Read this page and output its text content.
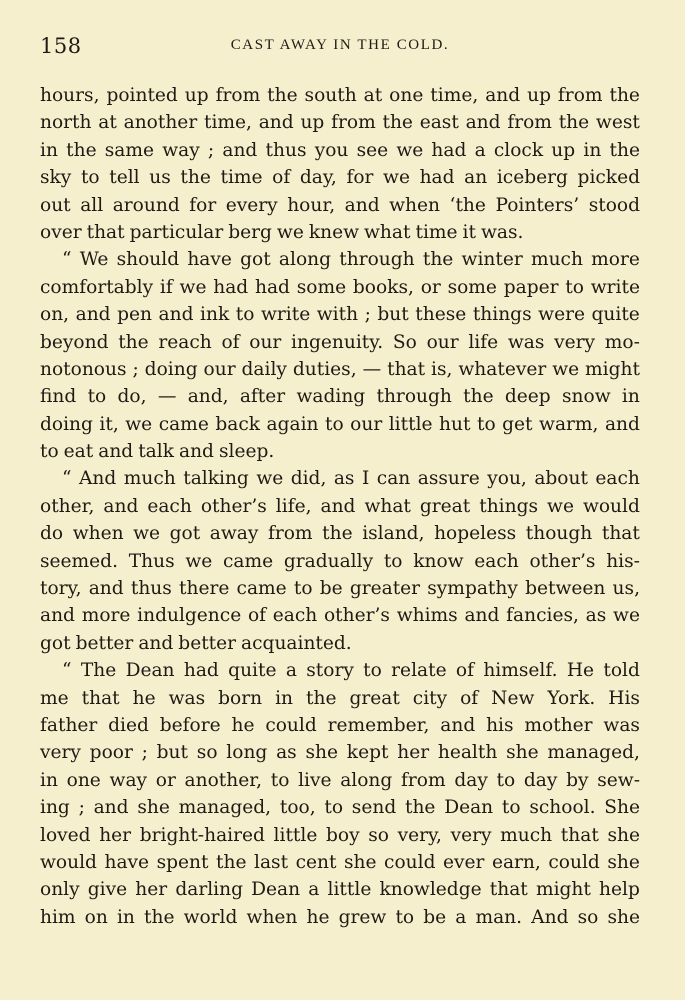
158	CAST AWAY IN THE COLD.
hours, pointed up from the south at one time, and up from the
north at another time, and up from the east and from the west
in the same way ; and thus you see we had a clock up in the
sky to tell us the time of day, for we had an iceberg picked
out all around for every hour, and when ‘the Pointers’ stood
over that particular berg we knew what time it was.
“ We should have got along through the winter much more
comfortably if we had had some books, or some paper to write
on, and pen and ink to write with ; but these things were quite
beyond the reach of our ingenuity. So our life was very mo-
notonous ; doing our daily duties, — that is, whatever we might
find to do, — and, after wading through the deep snow in
doing it, we came back again to our little hut to get warm, and
to eat and talk and sleep.
“ And much talking we did, as I can assure you, about each
other, and each other’s life, and what great things we would
do when we got away from the island, hopeless though that
seemed. Thus we came gradually to know each other’s his-
tory, and thus there came to be greater sympathy between us,
and more indulgence of each other’s whims and fancies, as we
got better and better acquainted.
“ The Dean had quite a story to relate of himself. He told
me that he was born in the great city of New York. His
father died before he could remember, and his mother was
very poor ; but so long as she kept her health she managed,
in one way or another, to live along from day to day by sew-
ing ; and she managed, too, to send the Dean to school. She
loved her bright-haired little boy so very, very much that she
would have spent the last cent she could ever earn, could she
only give her darling Dean a little knowledge that might help
him on in the world when he grew to be a man. And so she
